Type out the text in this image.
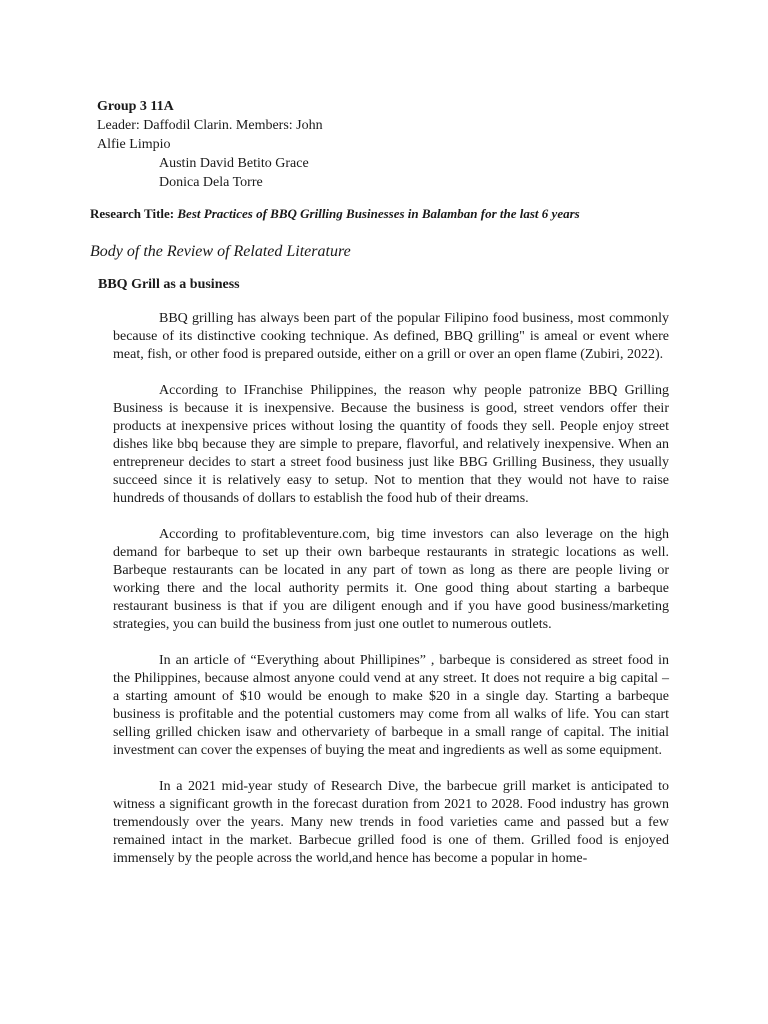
Group 3 11A
Leader: Daffodil Clarin. Members: John
Alfie Limpio
Austin David Betito Grace
Donica Dela Torre
Research Title: Best Practices of BBQ Grilling Businesses in Balamban for the last 6 years
Body of the Review of Related Literature
BBQ Grill as a business

BBQ grilling has always been part of the popular Filipino food business, most commonly because of its distinctive cooking technique. As defined, BBQ grilling" is ameal or event where meat, fish, or other food is prepared outside, either on a grill or over an open flame (Zubiri, 2022).

According to IFranchise Philippines, the reason why people patronize BBQ Grilling Business is because it is inexpensive. Because the business is good, street vendors offer their products at inexpensive prices without losing the quantity of foods they sell. People enjoy street dishes like bbq because they are simple to prepare, flavorful, and relatively inexpensive. When an entrepreneur decides to start a street food business just like BBG Grilling Business, they usually succeed since it is relatively easy to setup. Not to mention that they would not have to raise hundreds of thousands of dollars to establish the food hub of their dreams.

According to profitableventure.com, big time investors can also leverage on the high demand for barbeque to set up their own barbeque restaurants in strategic locations as well. Barbeque restaurants can be located in any part of town as long as there are people living or working there and the local authority permits it. One good thing about starting a barbeque restaurant business is that if you are diligent enough and if you have good business/marketing strategies, you can build the business from just one outlet to numerous outlets.

In an article of “Everything about Phillipines” , barbeque is considered as street food in the Philippines, because almost anyone could vend at any street. It does not require a big capital – a starting amount of $10 would be enough to make $20 in a single day. Starting a barbeque business is profitable and the potential customers may come from all walks of life. You can start selling grilled chicken isaw and othervariety of barbeque in a small range of capital. The initial investment can cover the expenses of buying the meat and ingredients as well as some equipment.

In a 2021 mid-year study of Research Dive, the barbecue grill market is anticipated to witness a significant growth in the forecast duration from 2021 to 2028. Food industry has grown tremendously over the years. Many new trends in food varieties came and passed but a few remained intact in the market. Barbecue grilled food is one of them. Grilled food is enjoyed immensely by the people across the world,and hence has become a popular in home-
